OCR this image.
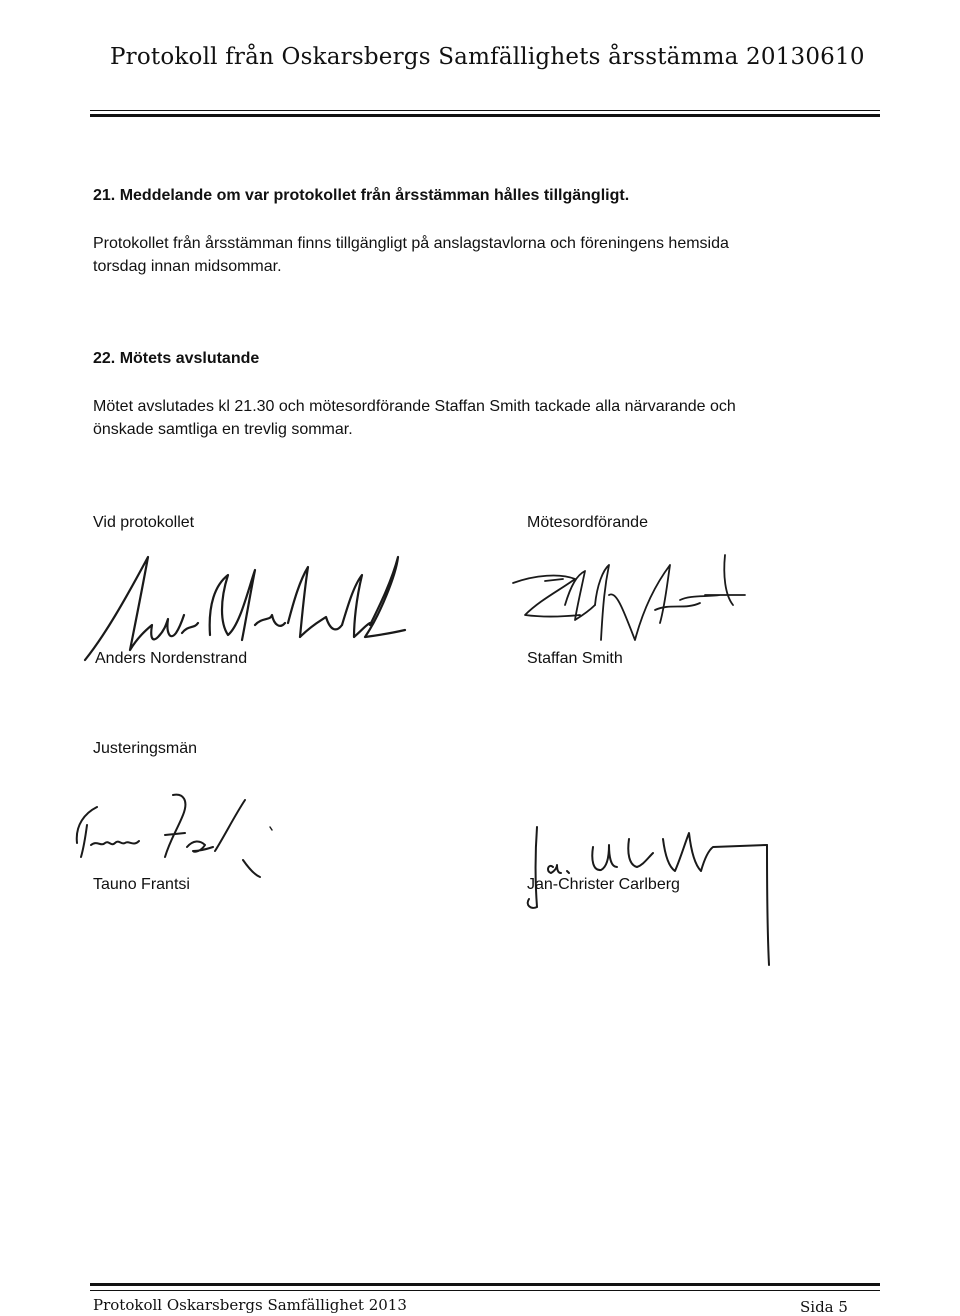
Protokoll från Oskarsbergs Samfällighets årsstämma 20130610
21. Meddelande om var protokollet från årsstämman hålles tillgängligt.
Protokollet från årsstämman finns tillgängligt på anslagstavlorna och föreningens hemsida
torsdag innan midsommar.
22. Mötets avslutande
Mötet avslutades kl 21.30 och mötesordförande Staffan Smith tackade alla närvarande och
önskade samtliga en trevlig sommar.
Vid protokollet	Mötesordförande
Anders Nordenstrand	Staffan Smith
Justeringsmän
Tauno Frantsi	Jan-Christer Carlberg
Protokoll Oskarsbergs Samfällighet 2013	Sida 5
